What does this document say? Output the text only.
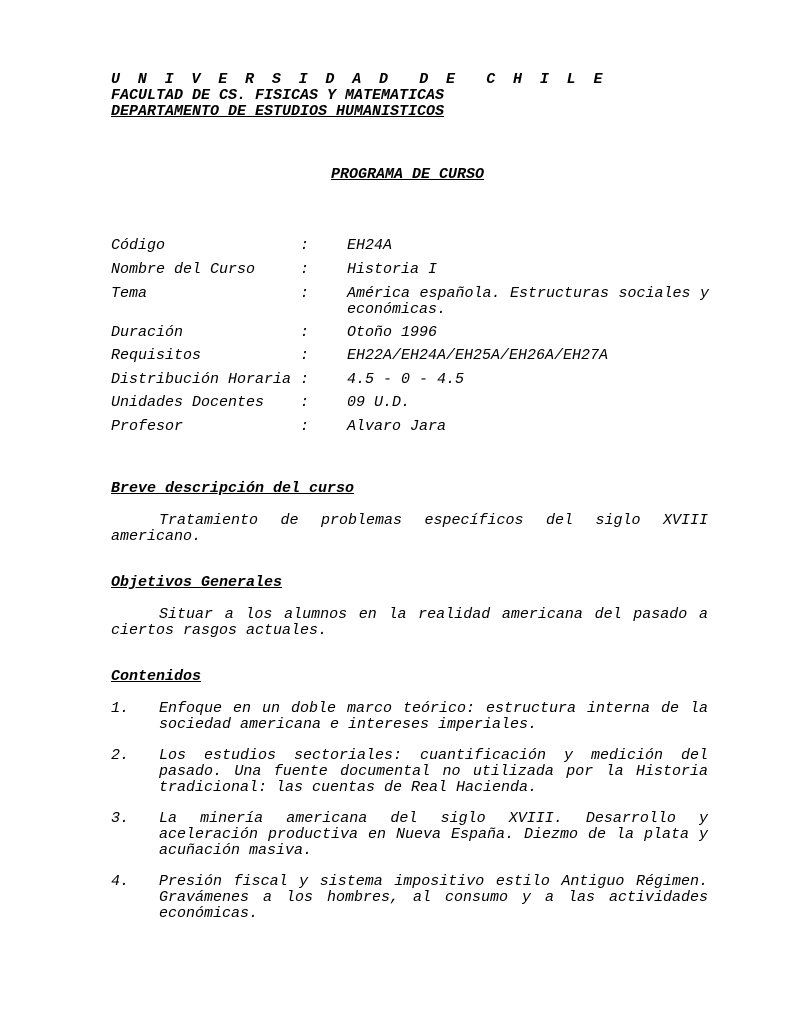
U N I V E R S I D A D  D E  C H I L E
FACULTAD DE CS. FISICAS Y MATEMATICAS
DEPARTAMENTO DE ESTUDIOS HUMANISTICOS
PROGRAMA DE CURSO
Código	:	EH24A
Nombre del Curso	:	Historia I
Tema	:	América española. Estructuras sociales y económicas.
Duración	:	Otoño 1996
Requisitos	:	EH22A/EH24A/EH25A/EH26A/EH27A
Distribución Horaria :	4.5 - 0 - 4.5
Unidades Docentes :	09 U.D.
Profesor	:	Alvaro Jara
Breve descripción del curso
Tratamiento de problemas específicos del siglo XVIII americano.
Objetivos Generales
Situar a los alumnos en la realidad americana del pasado a ciertos rasgos actuales.
Contenidos
1. Enfoque en un doble marco teórico: estructura interna de la sociedad americana e intereses imperiales.
2. Los estudios sectoriales: cuantificación y medición del pasado. Una fuente documental no utilizada por la Historia tradicional: las cuentas de Real Hacienda.
3. La minería americana del siglo XVIII. Desarrollo y aceleración productiva en Nueva España. Diezmo de la plata y acuñación masiva.
4. Presión fiscal y sistema impositivo estilo Antiguo Régimen. Gravámenes a los hombres, al consumo y a las actividades económicas.
